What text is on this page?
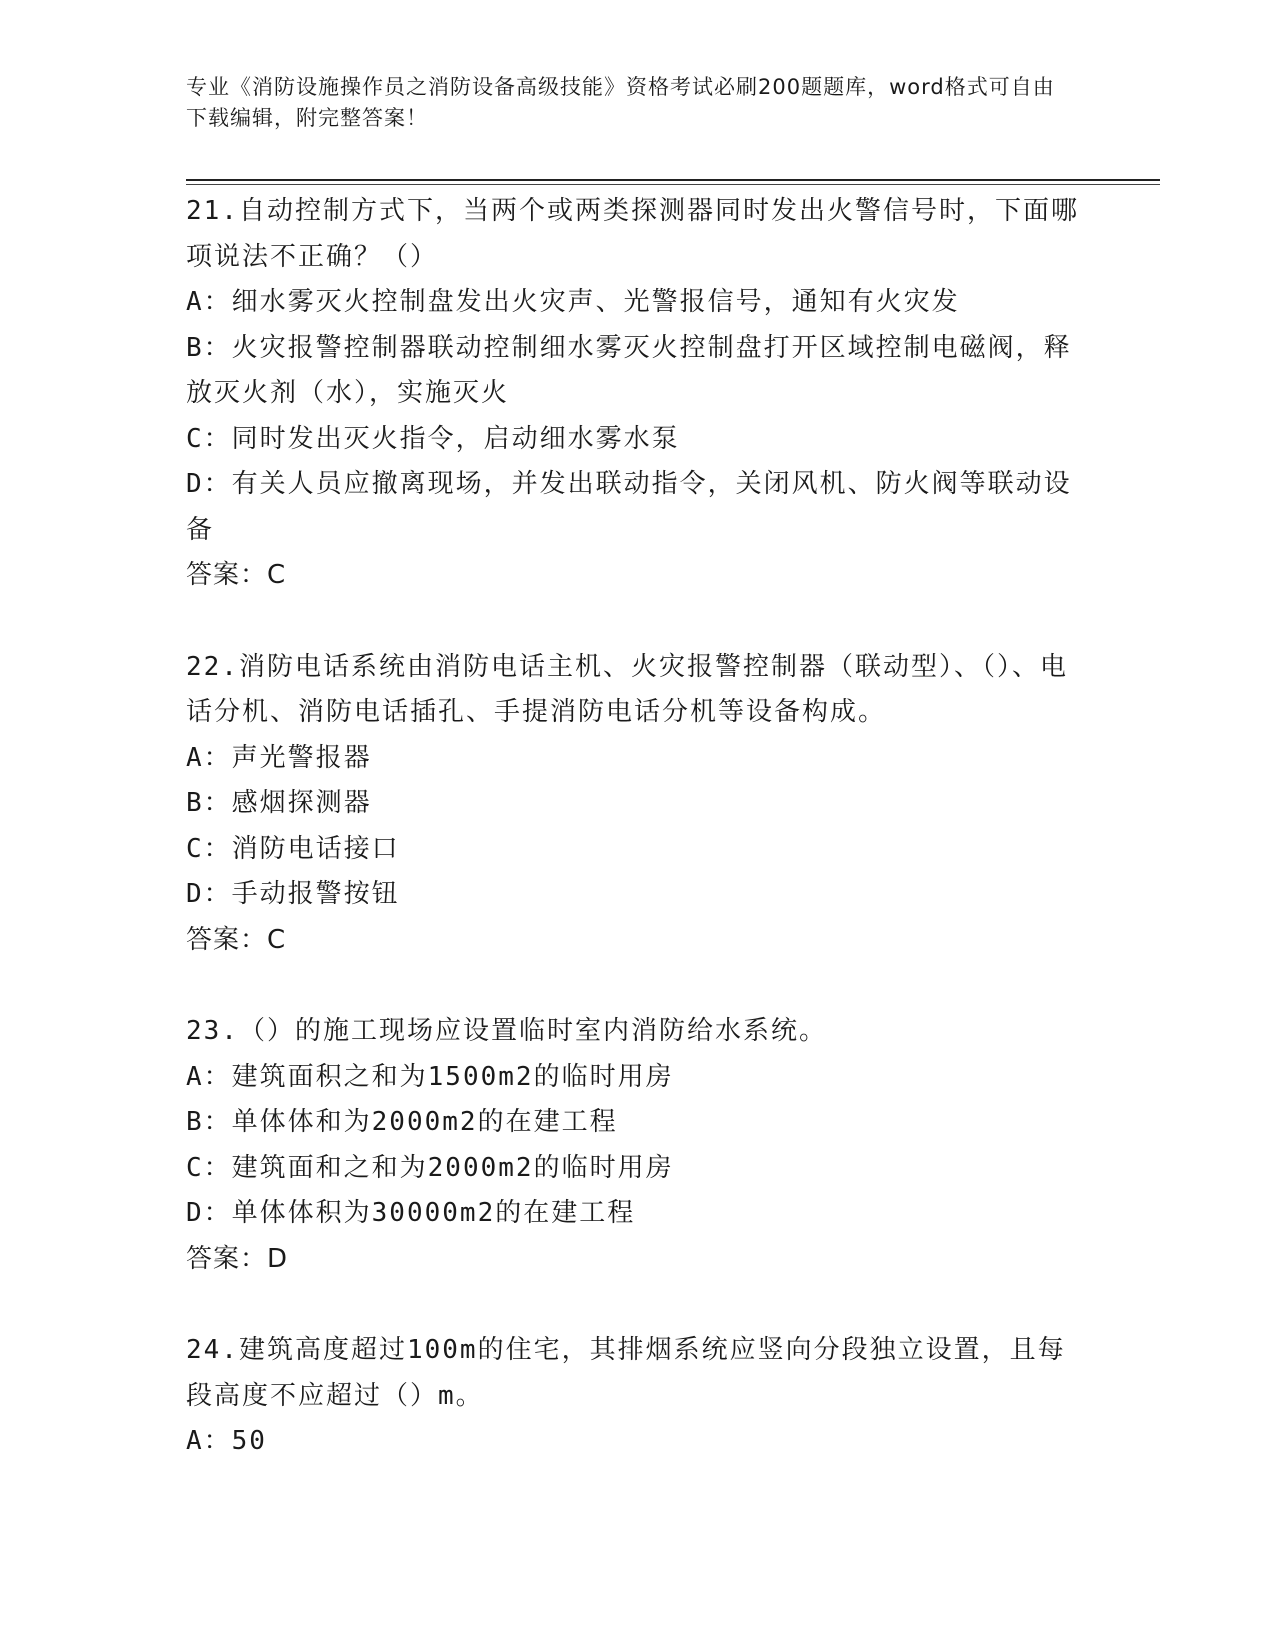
专业《消防设施操作员之消防设备高级技能》资格考试必刷200题题库，word格式可自由下载编辑，附完整答案！

21.自动控制方式下，当两个或两类探测器同时发出火警信号时，下面哪项说法不正确？（）

A：细水雾灭火控制盘发出火灾声、光警报信号，通知有火灾发

B：火灾报警控制器联动控制细水雾灭火控制盘打开区域控制电磁阀，释放灭火剂（水），实施灭火

C：同时发出灭火指令，启动细水雾水泵

D：有关人员应撤离现场，并发出联动指令，关闭风机、防火阀等联动设备

答案：C

22.消防电话系统由消防电话主机、火灾报警控制器（联动型）、（）、电话分机、消防电话插孔、手提消防电话分机等设备构成。

A：声光警报器

B：感烟探测器

C：消防电话接口

D：手动报警按钮

答案：C

23.（）的施工现场应设置临时室内消防给水系统。

A：建筑面积之和为1500m2的临时用房

B：单体体和为2000m2的在建工程

C：建筑面和之和为2000m2的临时用房

D：单体体积为30000m2的在建工程

答案：D

24.建筑高度超过100m的住宅，其排烟系统应竖向分段独立设置，且每段高度不应超过（）m。

A：50
